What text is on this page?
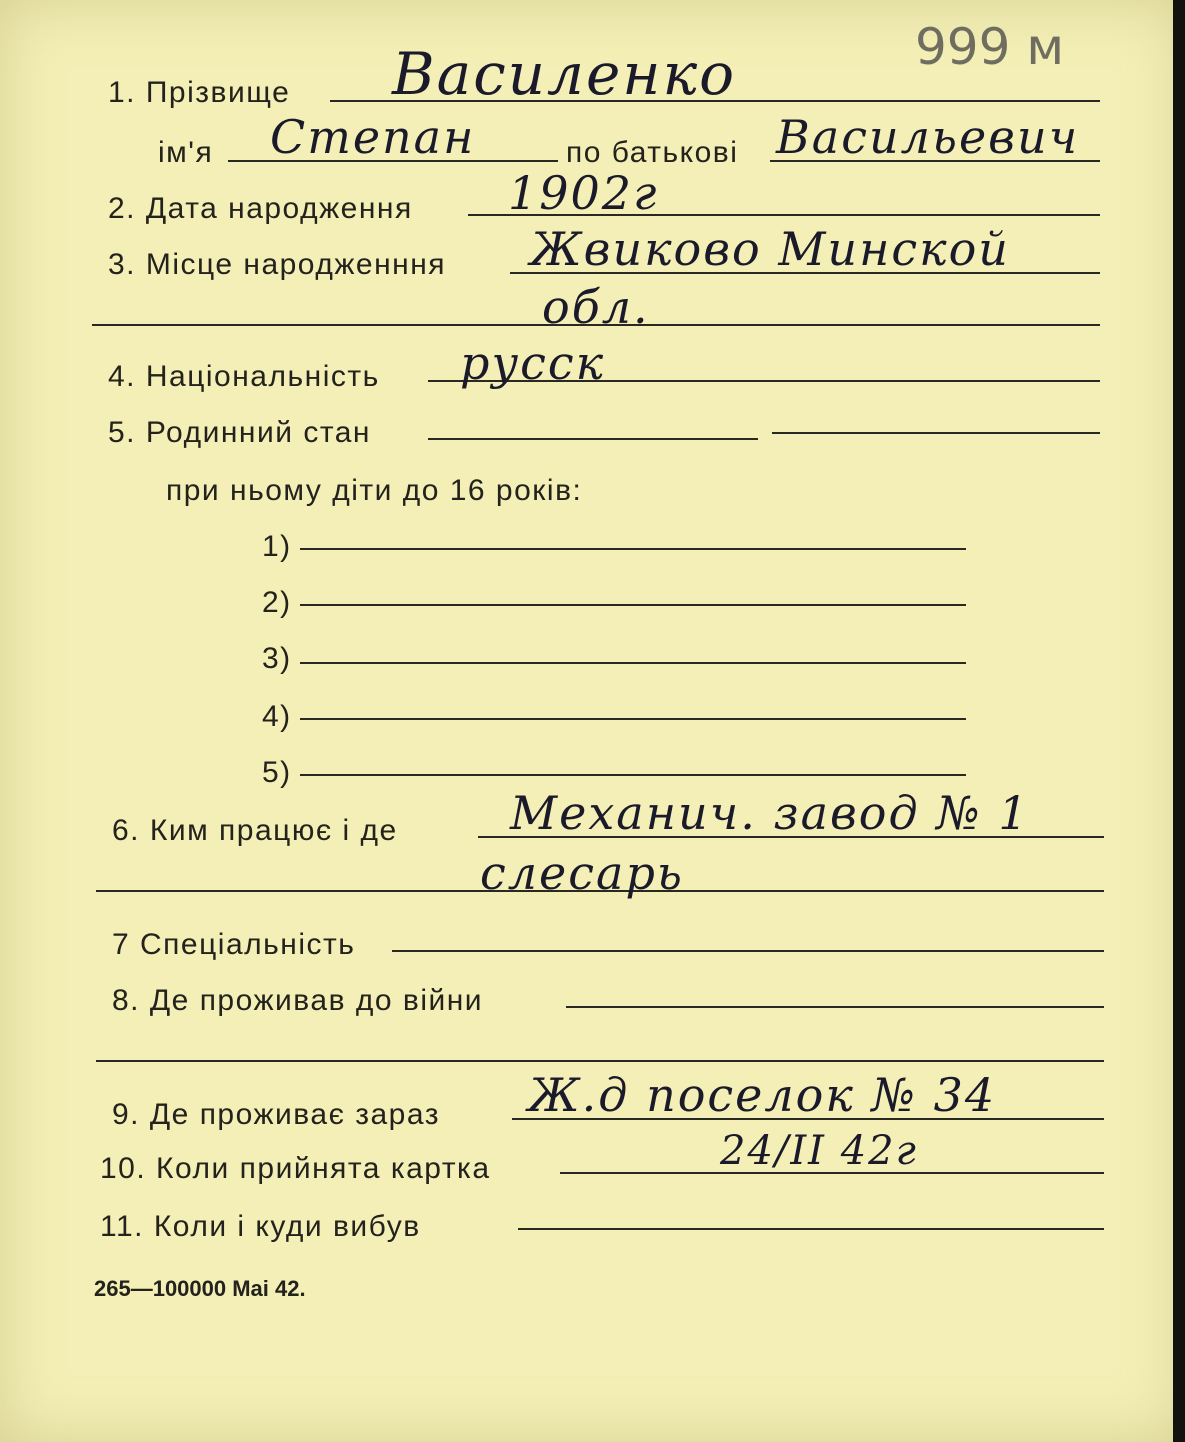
999 м
1. Прізвище Василенко
ім'я Степан	по батькові Васильевич
2. Дата народження 1902г
3. Місце народженння Жвиково Минской
обл.
4. Національність русск
5. Родинний стан
при ньому діти до 16 років:
1)
2)
3)
4)
5)
6. Ким працює і де Механич. завод № 1
слесарь
7 Спеціальність
8. Де проживав до війни
9. Де проживає зараз Ж.д поселок № 34
10. Коли прийнята картка	24/II 42г
11. Коли і куди вибув
265—100000 Mai 42.
